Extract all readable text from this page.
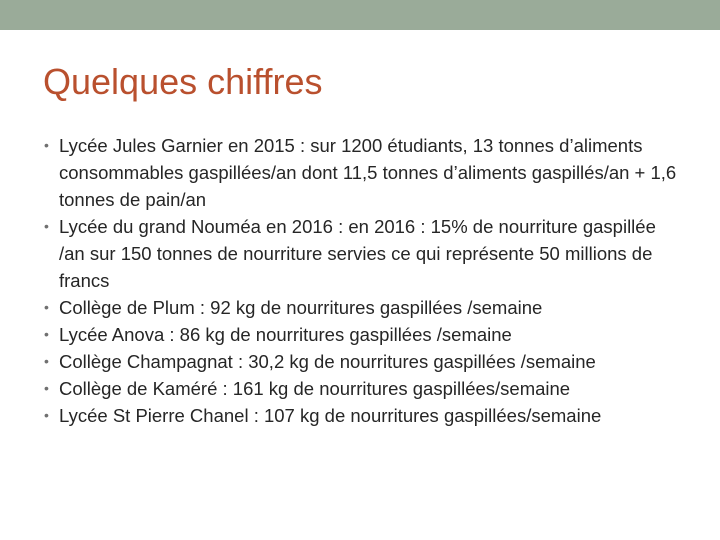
Quelques chiffres
• Lycée Jules Garnier en 2015 : sur 1200 étudiants, 13 tonnes d’aliments consommables gaspillées/an dont 11,5 tonnes d’aliments gaspillés/an + 1,6 tonnes de pain/an
• Lycée du grand Nouméa en 2016 : en 2016 : 15% de nourriture gaspillée /an sur 150 tonnes de nourriture servies ce qui représente 50 millions de francs
• Collège de Plum : 92 kg de nourritures gaspillées /semaine
• Lycée Anova : 86 kg de nourritures gaspillées /semaine
• Collège Champagnat : 30,2 kg de nourritures gaspillées /semaine
• Collège de Kaméré : 161 kg de nourritures gaspillées/semaine
• Lycée St Pierre Chanel : 107 kg de nourritures gaspillées/semaine
